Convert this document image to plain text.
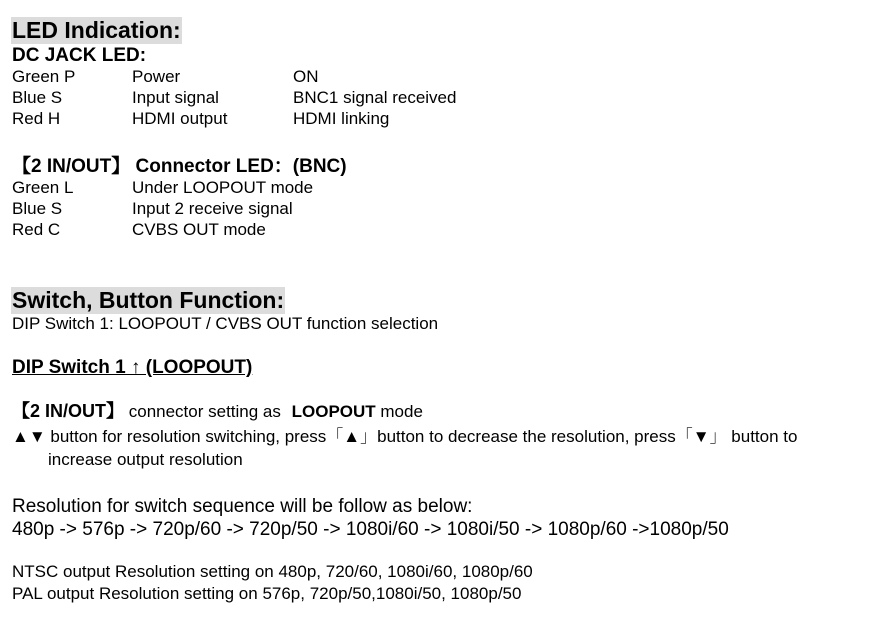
LED Indication:
DC JACK LED:
Green P	Power	ON
Blue S	Input signal	BNC1 signal received
Red H	HDMI output	HDMI linking
【2 IN/OUT】 Connector LED：(BNC)
Green L	Under LOOPOUT mode
Blue S	Input 2 receive signal
Red C	CVBS OUT mode
Switch, Button Function:
DIP Switch 1: LOOPOUT / CVBS OUT function selection
DIP Switch 1 ↑ (LOOPOUT)
【2 IN/OUT】 connector setting as LOOPOUT mode
▲▼ button for resolution switching, press「▲」button to decrease the resolution, press「▼」 button to
increase output resolution
Resolution for switch sequence will be follow as below:
480p -> 576p -> 720p/60 -> 720p/50 -> 1080i/60 -> 1080i/50 -> 1080p/60 ->1080p/50
NTSC output Resolution setting on 480p, 720/60, 1080i/60, 1080p/60
PAL output Resolution setting on 576p, 720p/50,1080i/50, 1080p/50
